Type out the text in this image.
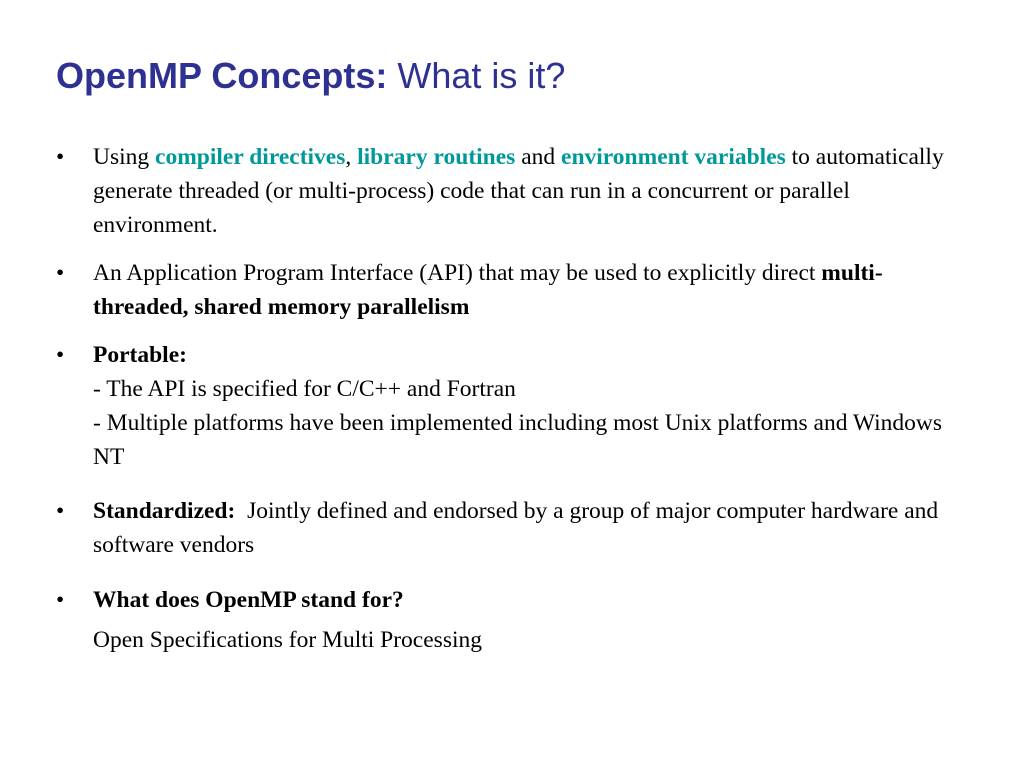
OpenMP Concepts: What is it?
•	Using compiler directives, library routines and environment variables to automatically generate threaded (or multi-process) code that can run in a concurrent or parallel environment.
•	An Application Program Interface (API) that may be used to explicitly direct multi-threaded, shared memory parallelism
•	Portable:
- The API is specified for C/C++ and Fortran
- Multiple platforms have been implemented including most Unix platforms and Windows NT
•	Standardized:  Jointly defined and endorsed by a group of major computer hardware and software vendors
•	What does OpenMP stand for?
Open Specifications for Multi Processing
